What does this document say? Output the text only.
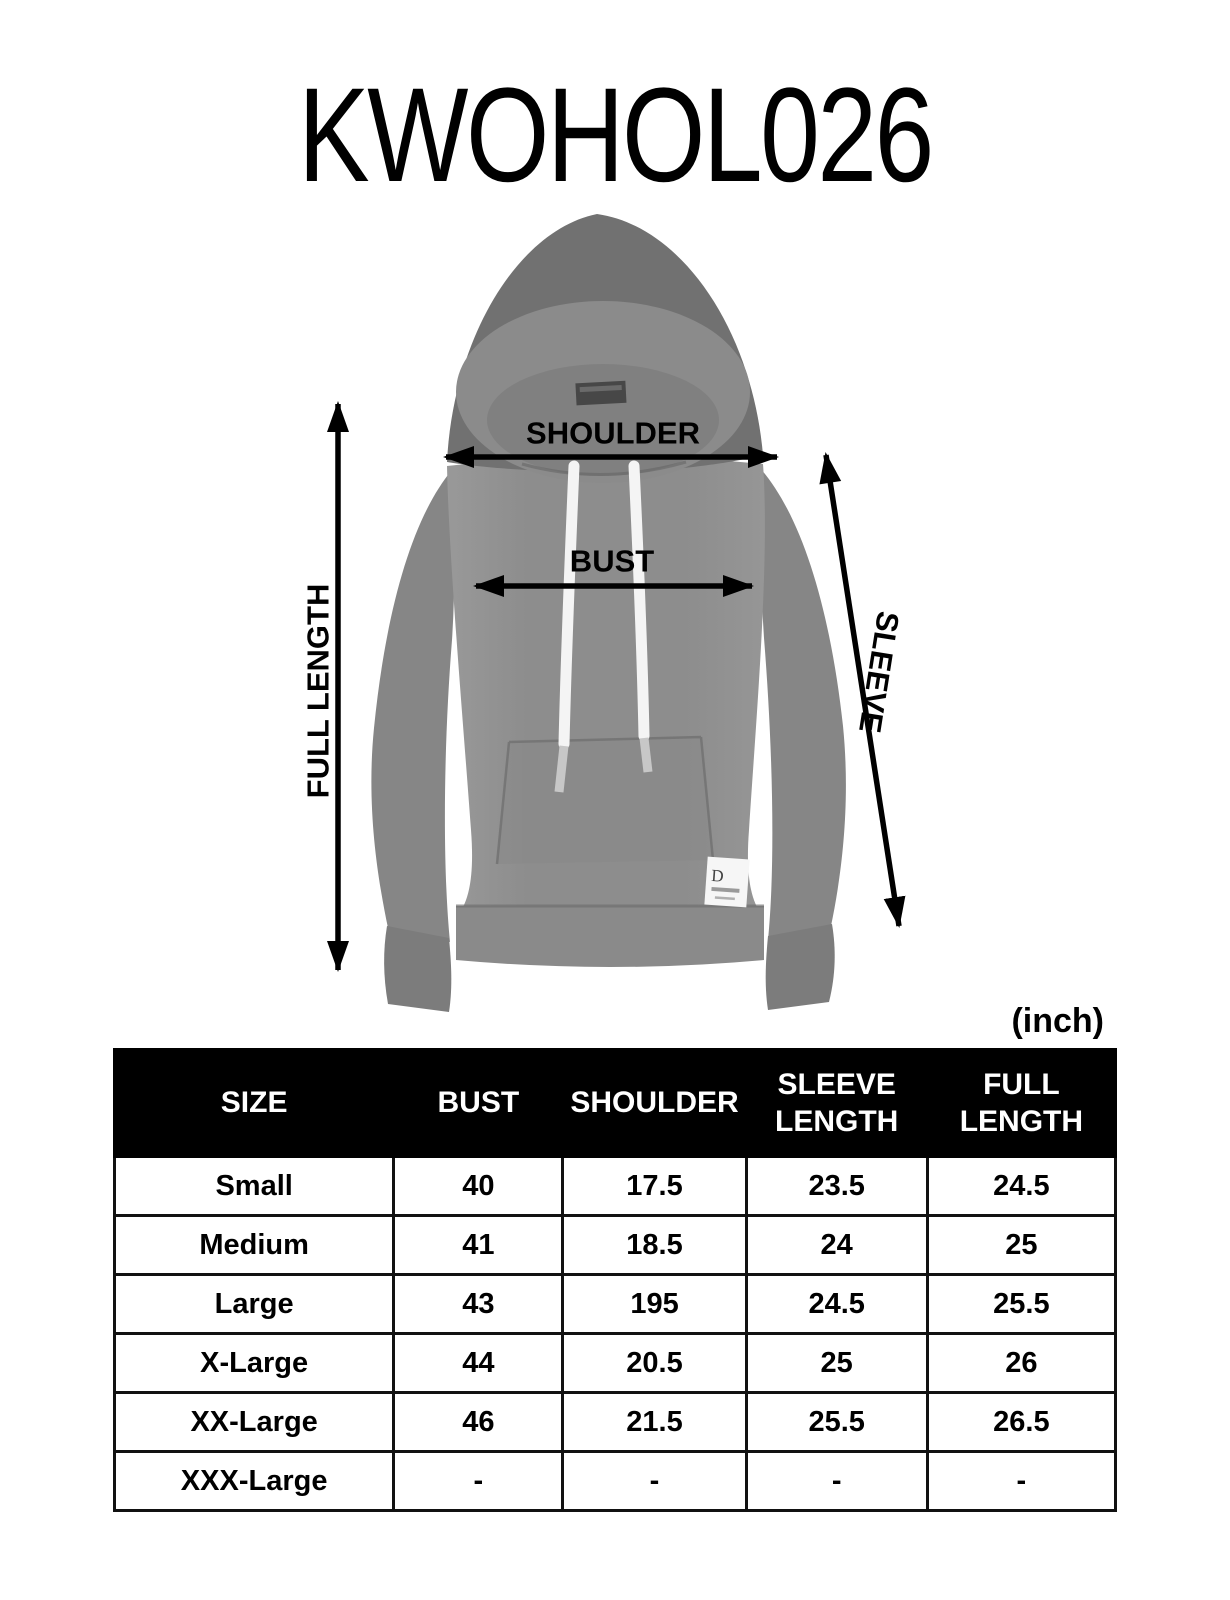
KWOHOL026
D
FULL LENGTH
SHOULDER
BUST
SLEEVE
(inch)
SIZE	BUST	SHOULDER	SLEEVE LENGTH	FULL LENGTH
Small	40	17.5	23.5	24.5
Medium	41	18.5	24	25
Large	43	195	24.5	25.5
X-Large	44	20.5	25	26
XX-Large	46	21.5	25.5	26.5
XXX-Large	-	-	-	-
